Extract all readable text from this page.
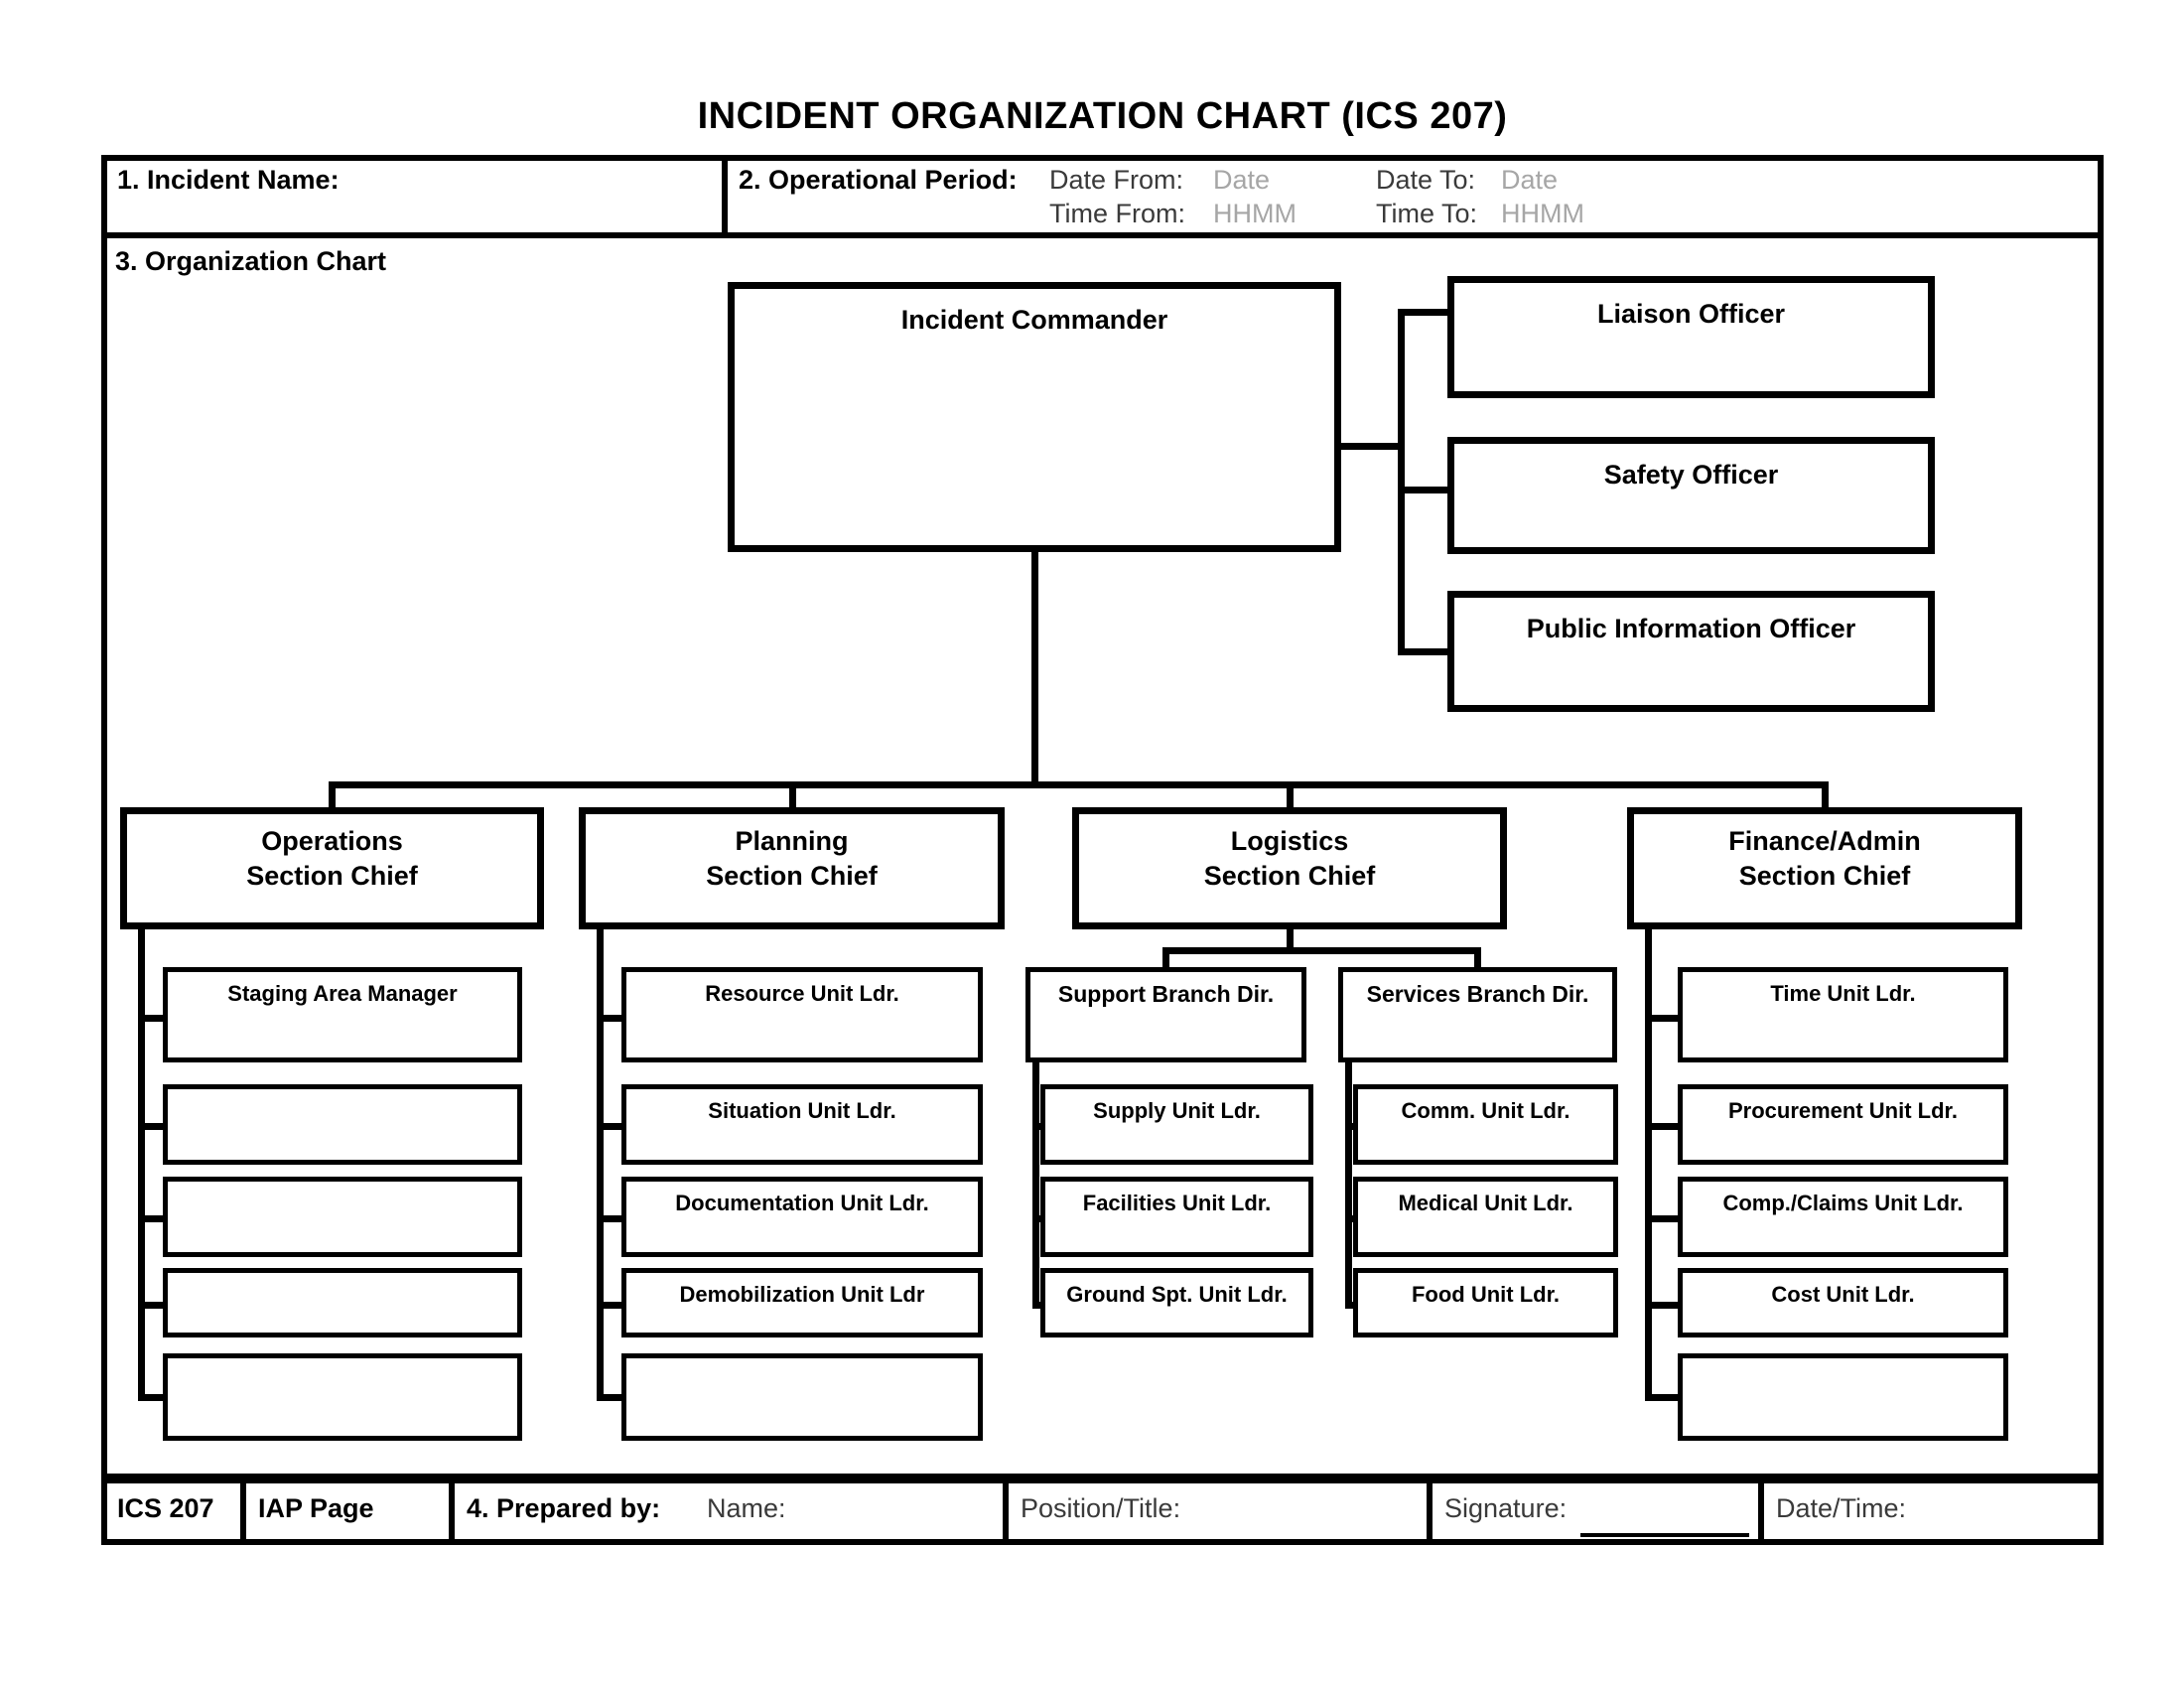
INCIDENT ORGANIZATION CHART (ICS 207)
1. Incident Name:	2. Operational Period: Date From: Date	Date To: Date
Time From: HHMM	Time To: HHMM
3. Organization Chart
Incident Commander	Liaison Officer
Safety Officer
Public Information Officer
Operations
Section Chief
Planning
Section Chief
Logistics
Section Chief
Finance/Admin
Section Chief
Staging Area Manager	Resource Unit Ldr.
Situation Unit Ldr.
Documentation Unit Ldr.
Demobilization Unit Ldr
Support Branch Dir.	Services Branch Dir.
Supply Unit Ldr.
Facilities Unit Ldr.
Ground Spt. Unit Ldr.
Comm. Unit Ldr.
Medical Unit Ldr.
Food Unit Ldr.
Time Unit Ldr.
Procurement Unit Ldr.
Comp./Claims Unit Ldr.
Cost Unit Ldr.
ICS 207 IAP Page	4. Prepared by: Name:	Position/Title:	Signature:	Date/Time:
